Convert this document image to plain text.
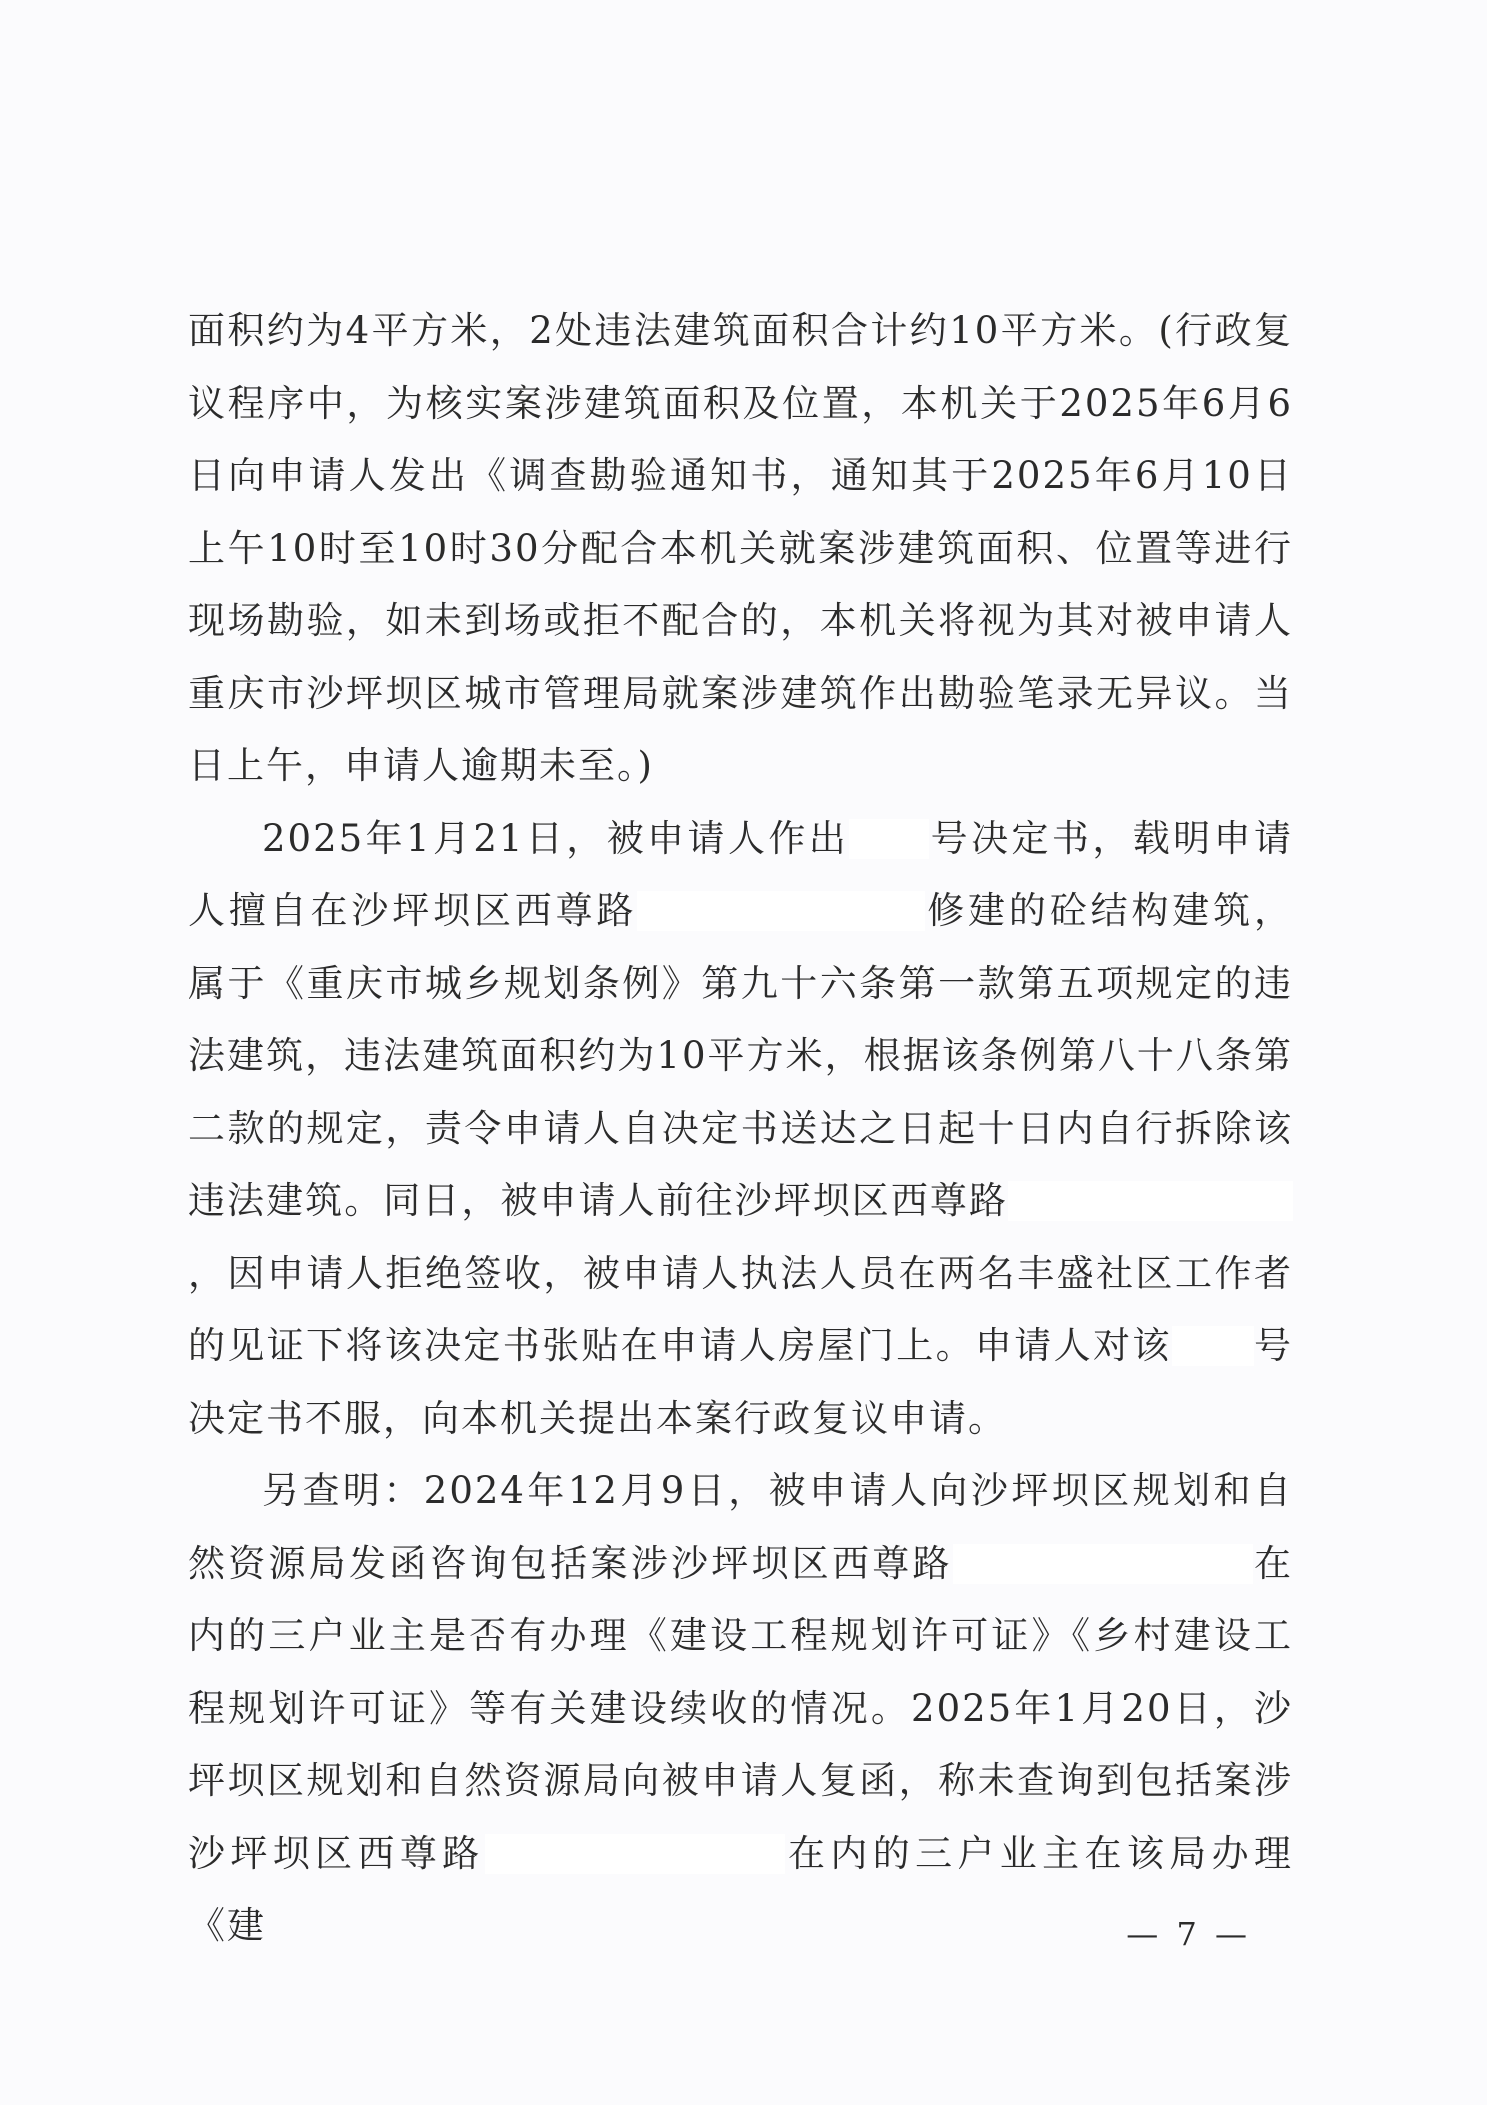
面积约为4平方米，2处违法建筑面积合计约10平方米。(行政复议程序中，为核实案涉建筑面积及位置，本机关于2025年6月6日向申请人发出《调查勘验通知书，通知其于2025年6月10日上午10时至10时30分配合本机关就案涉建筑面积、位置等进行现场勘验，如未到场或拒不配合的，本机关将视为其对被申请人重庆市沙坪坝区城市管理局就案涉建筑作出勘验笔录无异议。当日上午，申请人逾期未至。)

2025年1月21日，被申请人作出 号决定书，载明申请人擅自在沙坪坝区西尊路	修建的砼结构建筑，属于《重庆市城乡规划条例》第九十六条第一款第五项规定的违法建筑，违法建筑面积约为10平方米，根据该条例第八十八条第二款的规定，责令申请人自决定书送达之日起十日内自行拆除该违法建筑。同日，被申请人前往沙坪坝区西尊路，因申请人拒绝签收，被申请人执法人员在两名丰盛社区工作者的见证下将该决定书张贴在申请人房屋门上。申请人对该 号决定书不服，向本机关提出本案行政复议申请。

另查明：2024年12月9日，被申请人向沙坪坝区规划和自然资源局发函咨询包括案涉沙坪坝区西尊路	在内的三户业主是否有办理《建设工程规划许可证》《乡村建设工程规划许可证》等有关建设续收的情况。2025年1月20日，沙坪坝区规划和自然资源局向被申请人复函，称未查询到包括案涉沙坪坝区西尊路	在内的三户业主在该局办理《建	— 7 —
